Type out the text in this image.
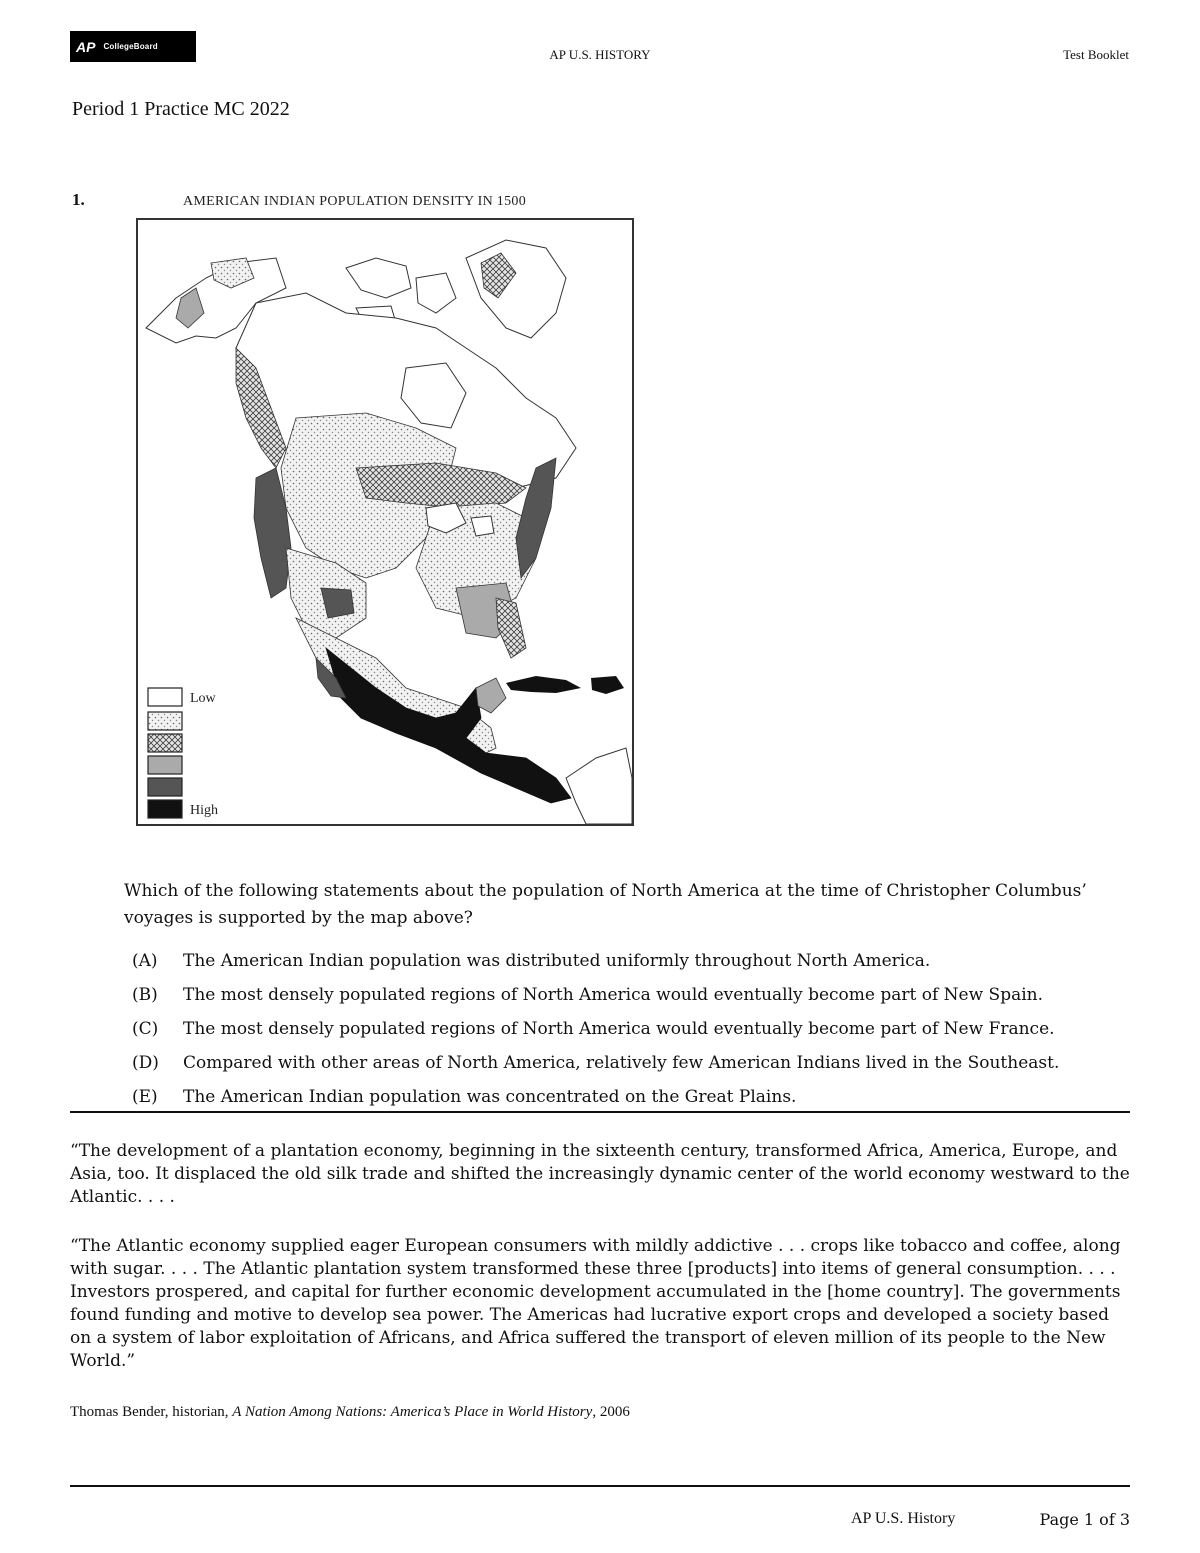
AP CollegeBoard
AP U.S. HISTORY	Test Booklet
Period 1 Practice MC 2022
1.	AMERICAN INDIAN POPULATION DENSITY IN 1500
Low
High
Which of the following statements about the population of North America at the time of Christopher Columbus’ voyages is supported by the map above?
(A)	The American Indian population was distributed uniformly throughout North America.
(B)	The most densely populated regions of North America would eventually become part of New Spain.
(C)	The most densely populated regions of North America would eventually become part of New France.
(D)	Compared with other areas of North America, relatively few American Indians lived in the Southeast.
(E)	The American Indian population was concentrated on the Great Plains.

“The development of a plantation economy, beginning in the sixteenth century, transformed Africa, America, Europe, and Asia, too. It displaced the old silk trade and shifted the increasingly dynamic center of the world economy westward to the Atlantic. . . .

“The Atlantic economy supplied eager European consumers with mildly addictive . . . crops like tobacco and coffee, along with sugar. . . . The Atlantic plantation system transformed these three [products] into items of general consumption. . . . Investors prospered, and capital for further economic development accumulated in the [home country]. The governments found funding and motive to develop sea power. The Americas had lucrative export crops and developed a society based on a system of labor exploitation of Africans, and Africa suffered the transport of eleven million of its people to the New World.”

Thomas Bender, historian, A Nation Among Nations: America’s Place in World History, 2006
AP U.S. History	Page 1 of 3
